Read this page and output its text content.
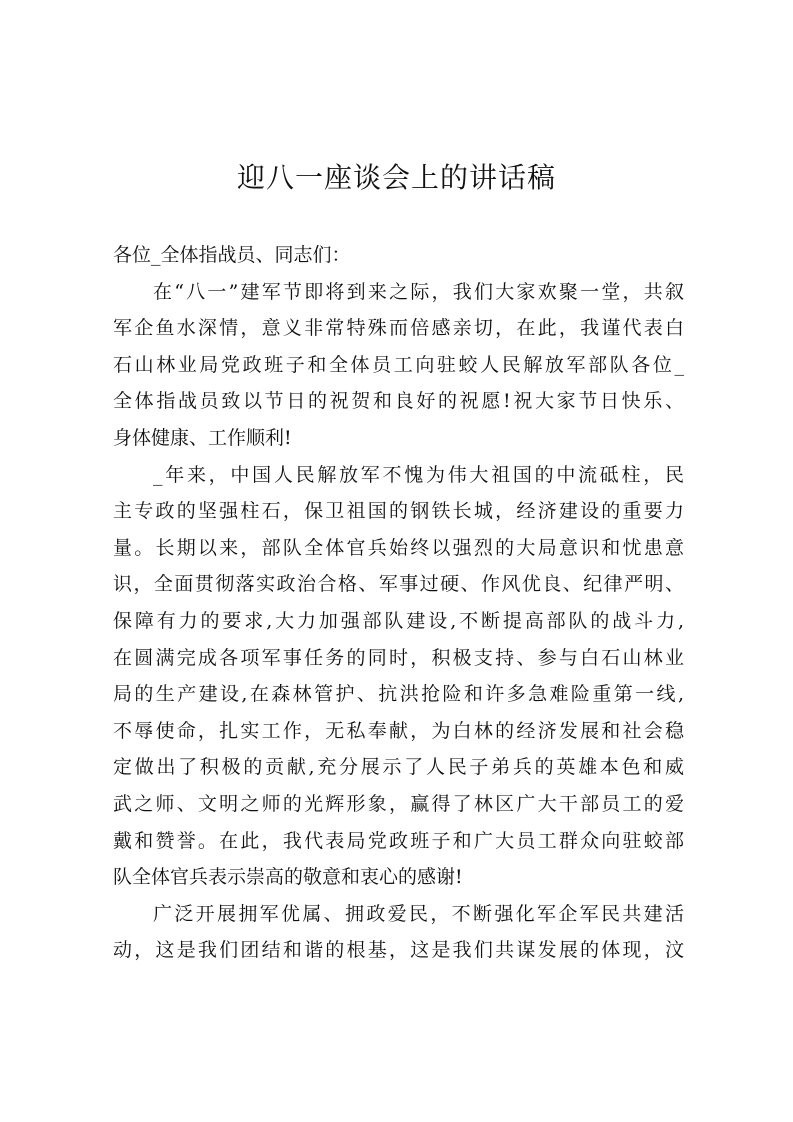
迎八一座谈会上的讲话稿
各位_全体指战员、同志们：
在“八一”建军节即将到来之际，我们大家欢聚一堂，共叙
军企鱼水深情，意义非常特殊而倍感亲切，在此，我谨代表白
石山林业局党政班子和全体员工向驻蛟人民解放军部队各位_
全体指战员致以节日的祝贺和良好的祝愿!祝大家节日快乐、
身体健康、工作顺利!
_年来，中国人民解放军不愧为伟大祖国的中流砥柱，民
主专政的坚强柱石，保卫祖国的钢铁长城，经济建设的重要力
量。长期以来，部队全体官兵始终以强烈的大局意识和忧患意
识，全面贯彻落实政治合格、军事过硬、作风优良、纪律严明、
保障有力的要求,大力加强部队建设,不断提高部队的战斗力,
在圆满完成各项军事任务的同时，积极支持、参与白石山林业
局的生产建设,在森林管护、抗洪抢险和许多急难险重第一线,
不辱使命，扎实工作，无私奉献，为白林的经济发展和社会稳
定做出了积极的贡献,充分展示了人民子弟兵的英雄本色和威
武之师、文明之师的光辉形象，赢得了林区广大干部员工的爱
戴和赞誉。在此，我代表局党政班子和广大员工群众向驻蛟部
队全体官兵表示崇高的敬意和衷心的感谢!
广泛开展拥军优属、拥政爱民，不断强化军企军民共建活
动，这是我们团结和谐的根基，这是我们共谋发展的体现，汶
